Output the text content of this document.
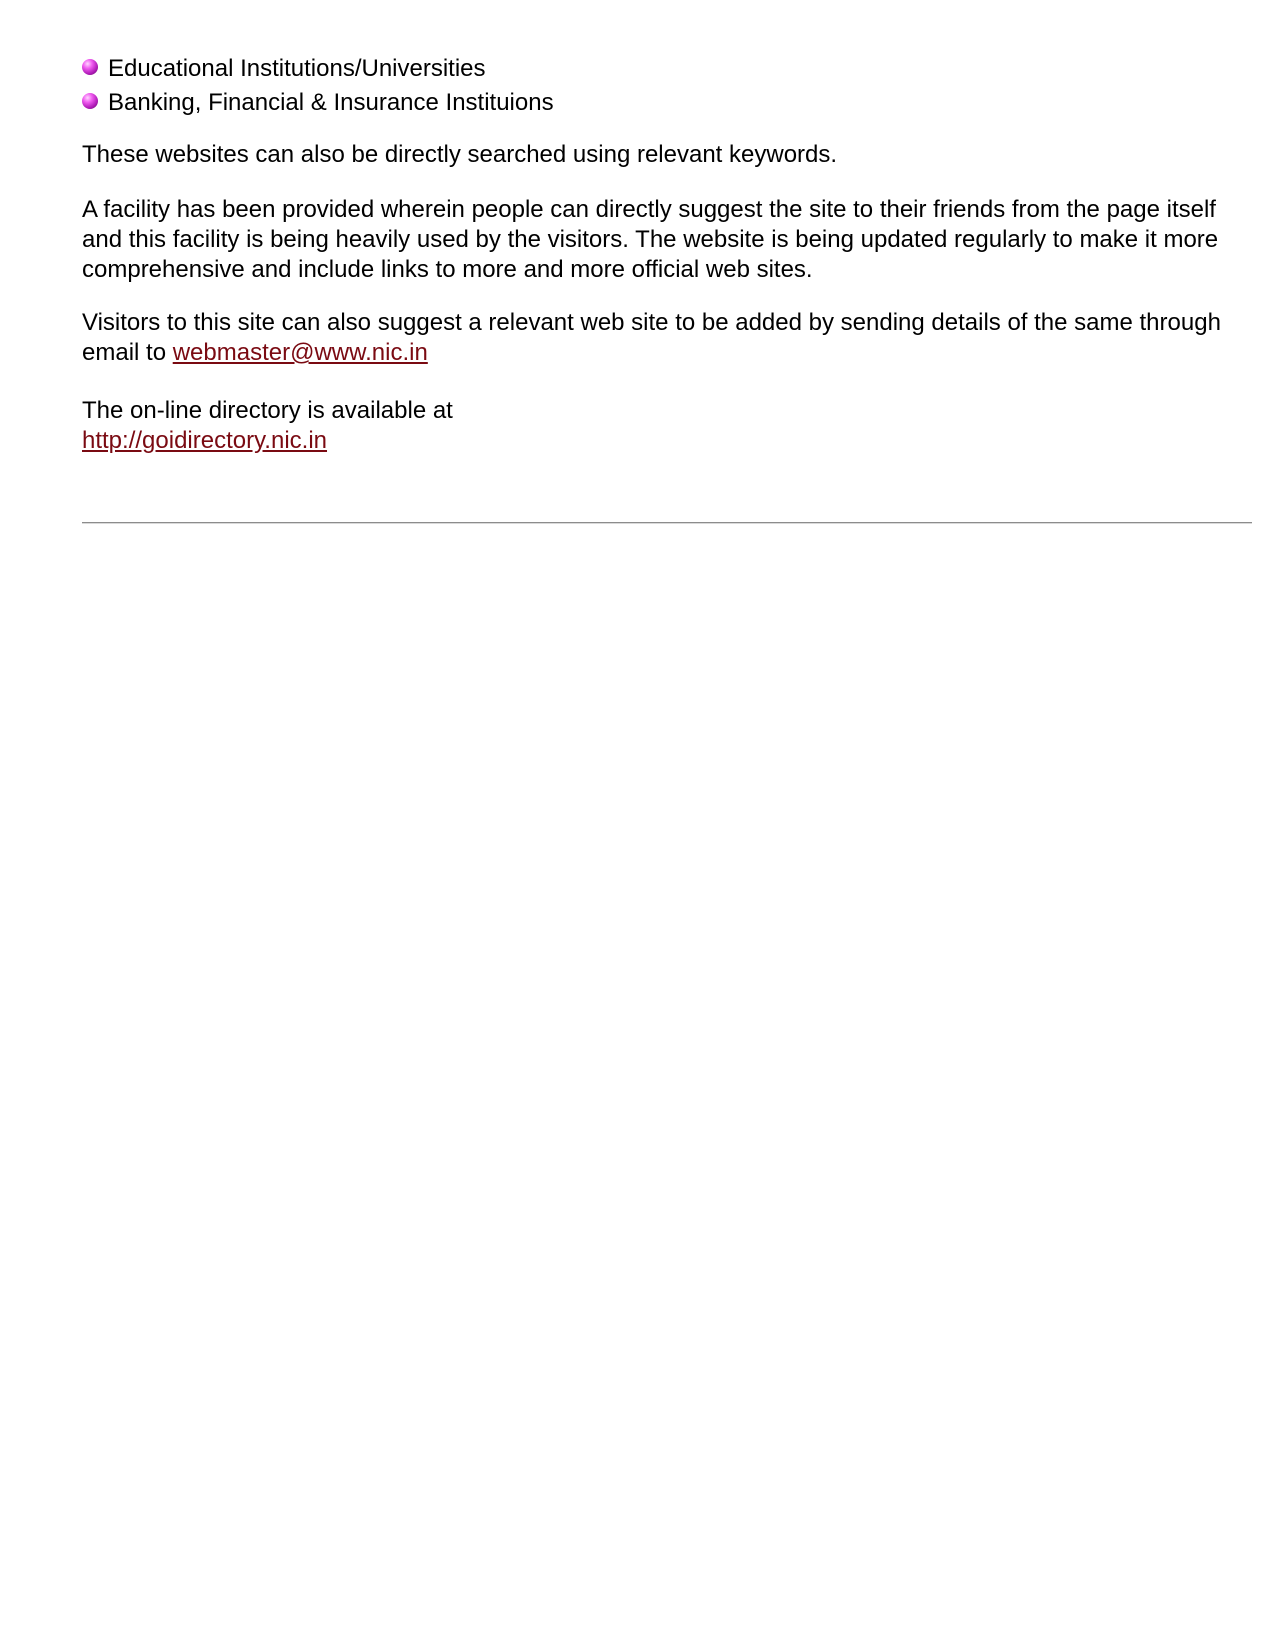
Educational Institutions/Universities
Banking, Financial & Insurance Instituions

These websites can also be directly searched using relevant keywords.

A facility has been provided wherein people can directly suggest the site to their friends from the page itself and this facility is being heavily used by the visitors. The website is being updated regularly to make it more comprehensive and include links to more and more official web sites.

Visitors to this site can also suggest a relevant web site to be added by sending details of the same through email to webmaster@www.nic.in

The on-line directory is available at
http://goidirectory.nic.in
